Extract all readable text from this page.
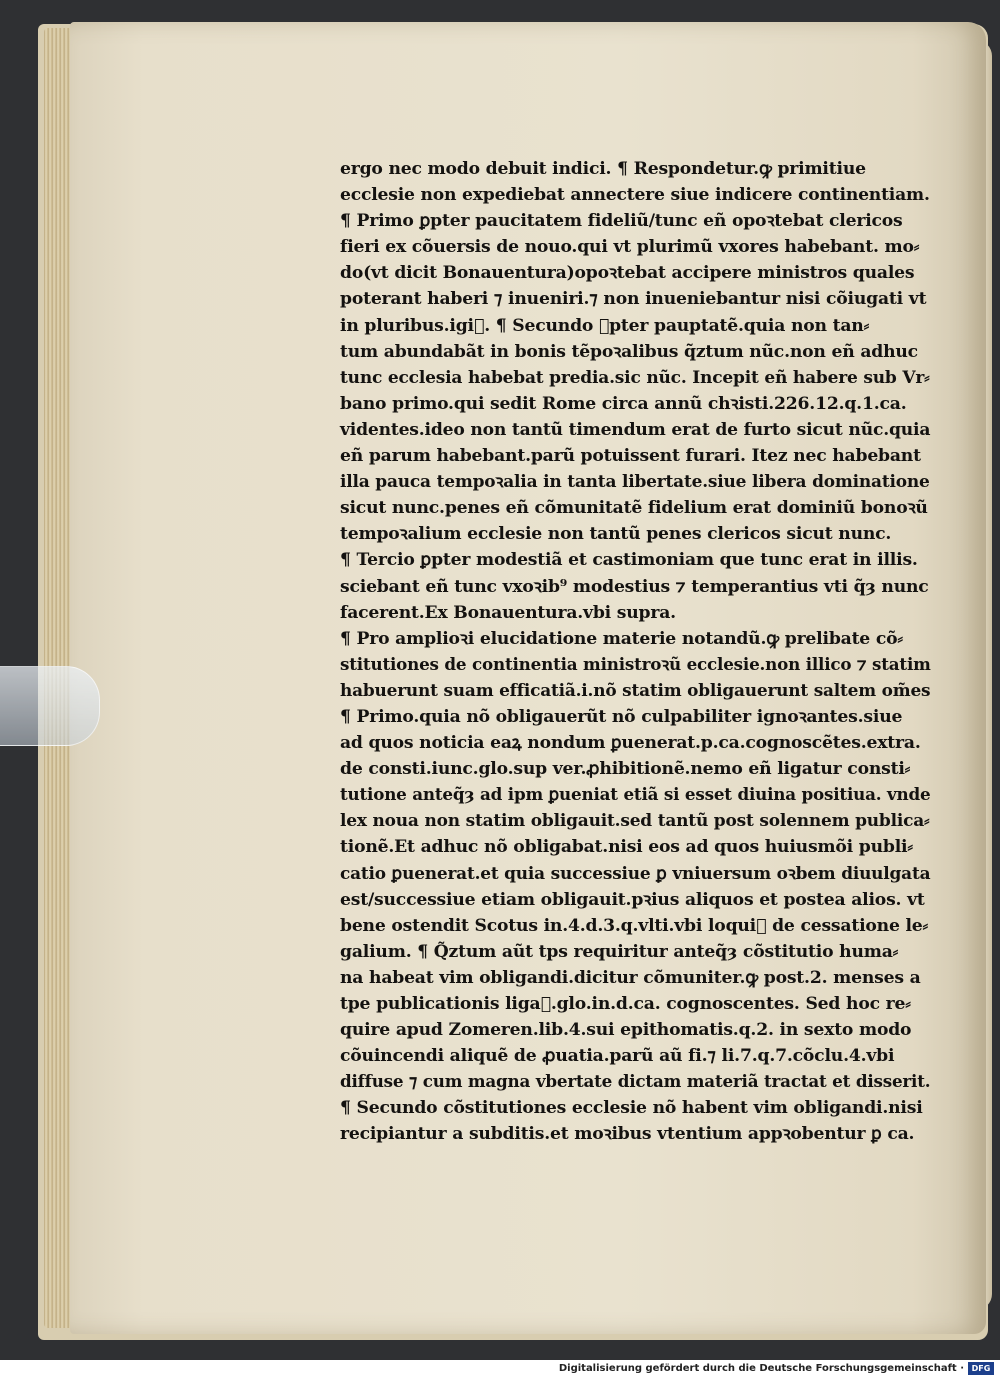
ergo nec modo debuit indici. ¶ Respondetur.ꝙ primitiue
ecclesie non expediebat annectere siue indicere continentiam.
¶ Primo ꝑpter paucitatem fideliũ/tunc eñ opoꝛtebat clericos
fieri ex cõuersis de nouo.qui vt plurimũ vxores habebant. mo⸗
do(vt dicit Bonauentura)opoꝛtebat accipere ministros quales
poterant haberi ⁊ inueniri.⁊ non inueniebantur nisi cõiugati vt
in pluribus.igiᷓ. ¶ Secundo ꝑpter pauptatẽ.quia non tan⸗
tum abundabãt in bonis tẽpoꝛalibus q̃ztum nũc.non eñ adhuc
tunc ecclesia habebat predia.sic nũc. Incepit eñ habere sub Vr⸗
bano primo.qui sedit Rome circa annũ chꝛisti.226.12.q.1.ca.
videntes.ideo non tantũ timendum erat de furto sicut nũc.quia
eñ parum habebant.parũ potuissent furari. Itez nec habebant
illa pauca tempoꝛalia in tanta libertate.siue libera dominatione
sicut nunc.penes eñ cõmunitatẽ fidelium erat dominiũ bonoꝛũ
tempoꝛalium ecclesie non tantũ penes clericos sicut nunc.
¶ Tercio ꝑpter modestiã et castimoniam que tunc erat in illis.
sciebant eñ tunc vxoꝛib⁹ modestius ⁊ temperantius vti q̃ȝ nunc
facerent.Ex Bonauentura.vbi supra.
¶ Pro amplioꝛi elucidatione materie notandũ.ꝙ prelibate cõ⸗
stitutiones de continentia ministroꝛũ ecclesie.non illico ⁊ statim
habuerunt suam efficatiã.i.nõ statim obligauerunt saltem om̃es
¶ Primo.quia nõ obligauerũt nõ culpabiliter ignoꝛantes.siue
ad quos noticia eaꝝ nondum ꝑuenerat.p.ca.cognoscẽtes.extra.
de consti.iunc.glo.sup ver.ꝓhibitionẽ.nemo eñ ligatur consti⸗
tutione anteq̃ȝ ad ipm ꝑueniat etiã si esset diuina positiua. vnde
lex noua non statim obligauit.sed tantũ post solennem publica⸗
tionẽ.Et adhuc nõ obligabat.nisi eos ad quos huiusmõi publi⸗
catio ꝑuenerat.et quia successiue ꝑ vniuersum oꝛbem diuulgata
est/successiue etiam obligauit.pꝛius aliquos et postea alios. vt
bene ostendit Scotus in.4.d.3.q.vlti.vbi loquiᷓ de cessatione le⸗
galium. ¶ Q̃ztum aũt tps requiritur anteq̃ȝ cõstitutio huma⸗
na habeat vim obligandi.dicitur cõmuniter.ꝙ post.2. menses a
tpe publicationis ligaᷓ.glo.in.d.ca. cognoscentes. Sed hoc re⸗
quire apud Zomeren.lib.4.sui epithomatis.q.2. in sexto modo
cõuincendi aliquẽ de ꝓuatia.parũ aũ fi.⁊ li.7.q.7.cõclu.4.vbi
diffuse ⁊ cum magna vbertate dictam materiã tractat et disserit.
¶ Secundo cõstitutiones ecclesie nõ habent vim obligandi.nisi
recipiantur a subditis.et moꝛibus vtentium appꝛobentur ꝑ ca.
Digitalisierung gefördert durch die Deutsche Forschungsgemeinschaft · DFG
